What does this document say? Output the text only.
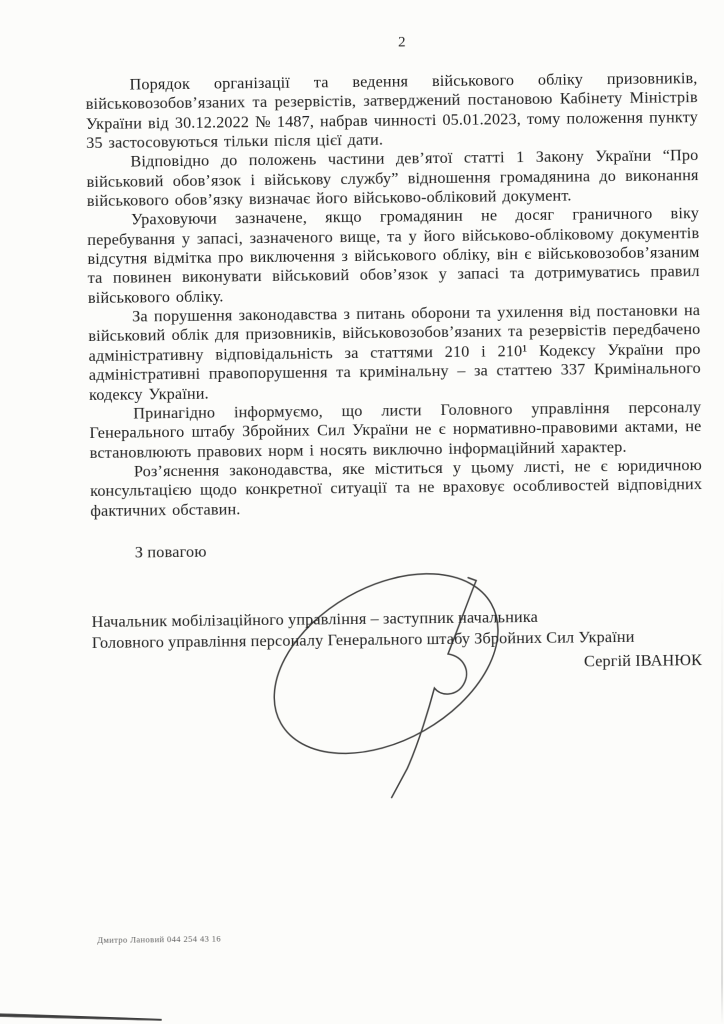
2

Порядок організації та ведення військового обліку призовників, військовозобов’язаних та резервістів, затверджений постановою Кабінету Міністрів України від 30.12.2022 № 1487, набрав чинності 05.01.2023, тому положення пункту 35 застосовуються тільки після цієї дати.

Відповідно до положень частини дев’ятої статті 1 Закону України “Про військовий обов’язок і військову службу” відношення громадянина до виконання військового обов’язку визначає його військово-обліковий документ.

Ураховуючи зазначене, якщо громадянин не досяг граничного віку перебування у запасі, зазначеного вище, та у його військово-обліковому документів відсутня відмітка про виключення з військового обліку, він є військовозобов’язаним та повинен виконувати військовий обов’язок у запасі та дотримуватись правил військового обліку.

За порушення законодавства з питань оборони та ухилення від постановки на військовий облік для призовників, військовозобов’язаних та резервістів передбачено адміністративну відповідальність за статтями 210 і 210¹ Кодексу України про адміністративні правопорушення та кримінальну – за статтею 337 Кримінального кодексу України.

Принагідно інформуємо, що листи Головного управління персоналу Генерального штабу Збройних Сил України не є нормативно-правовими актами, не встановлюють правових норм і носять виключно інформаційний характер.

Роз’яснення законодавства, яке міститься у цьому листі, не є юридичною консультацією щодо конкретної ситуації та не враховує особливостей відповідних фактичних обставин.

З повагою

Начальник мобілізаційного управління – заступник начальника

Головного управління персоналу Генерального штабу Збройних Сил України

Сергій ІВАНЮК

Дмитро Лановий 044 254 43 16
